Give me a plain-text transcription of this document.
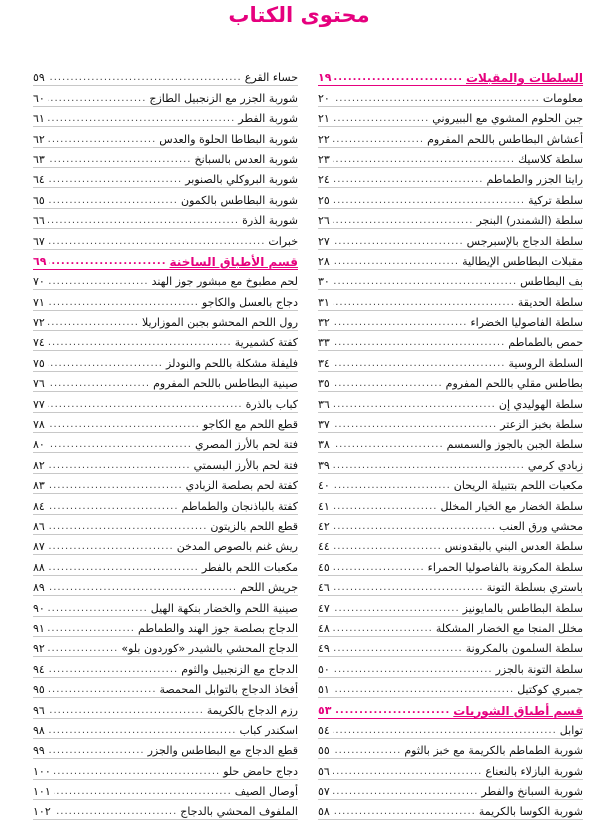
محتوى الكتاب
السلطات والمقبلات
.....
١٩
معلومات
.....
٢٠
جبن الحلوم المشوي مع الببيروني
.....
٢١
أعشاش البطاطس باللحم المفروم
.....
٢٢
سلطة كلاسيك
.....
٢٣
رايتا الجزر والطماطم
.....
٢٤
سلطة تركية
.....
٢٥
سلطة (الشمندر) البنجر
.....
٢٦
سلطة الدجاج بالإسبرجس
.....
٢٧
مقبلات البطاطس الإيطالية
.....
٢٨
بف البطاطس
.....
٣٠
سلطة الحديقة
.....
٣١
سلطة الفاصوليا الخضراء
.....
٣٢
حمص بالطماطم
.....
٣٣
السلطة الروسية
.....
٣٤
بطاطس مقلي باللحم المفروم
.....
٣٥
سلطة الهوليدي إن
.....
٣٦
سلطة بخبز الزعتر
.....
٣٧
سلطة الجبن بالجوز والسمسم
.....
٣٨
زبادي كرمي
.....
٣٩
مكعبات اللحم بتتبيلة الريحان
.....
٤٠
سلطة الخضار مع الخيار المخلل
.....
٤١
محشي ورق العنب
.....
٤٢
سلطة العدس البني بالبقدونس
.....
٤٤
سلطة المكرونة بالفاصوليا الحمراء
.....
٤٥
باستري بسلطة التونة
.....
٤٦
سلطة البطاطس بالمايونيز
.....
٤٧
مخلل المنجا مع الخضار المشكلة
.....
٤٨
سلطة السلمون بالمكرونة
.....
٤٩
سلطة التونة بالجزر
.....
٥٠
جمبري كوكتيل
.....
٥١
قسم أطباق الشوربات
.....
٥٣
توابل
.....
٥٤
شوربة الطماطم بالكريمة مع خبز بالثوم
.....
٥٥
شوربة البازلاء بالنعناع
.....
٥٦
شوربة السبانخ والفطر
.....
٥٧
شوربة الكوسا بالكريمة
.....
٥٨
حساء القرع
.....
٥٩
شوربة الجزر مع الزنجبيل الطازج
.....
٦٠
شوربة الفطر
.....
٦١
شوربة البطاطا الحلوة والعدس
.....
٦٢
شوربة العدس بالسبانخ
.....
٦٣
شوربة البروكلي بالصنوبر
.....
٦٤
شوربة البطاطس بالكمون
.....
٦٥
شوربة الذرة
.....
٦٦
خبرات
.....
٦٧
قسم الأطباق الساخنة
.....
٦٩
لحم مطبوخ مع مبشور جوز الهند
.....
٧٠
دجاج بالعسل والكاجو
.....
٧١
رول اللحم المحشو بجبن الموزاريلا
.....
٧٢
كفتة كشميرية
.....
٧٤
فليفلة مشكلة باللحم والنودلز
.....
٧٥
صينية البطاطس باللحم المفروم
.....
٧٦
كباب بالذرة
.....
٧٧
قطع اللحم مع الكاجو
.....
٧٨
فتة لحم بالأرز المصري
.....
٨٠
فتة لحم بالأرز البسمتي
.....
٨٢
كفتة لحم بصلصة الزبادي
.....
٨٣
كفتة بالباذنجان والطماطم
.....
٨٤
قطع اللحم بالزيتون
.....
٨٦
ريش غنم بالصوص المدخن
.....
٨٧
مكعبات اللحم بالفطر
.....
٨٨
جريش اللحم
.....
٨٩
صينية اللحم والخضار بنكهة الهيل
.....
٩٠
الدجاج بصلصة جوز الهند والطماطم
.....
٩١
الدجاج المحشي بالشيدر «كوردون بلو»
.....
٩٢
الدجاج مع الزنجبيل والثوم
.....
٩٤
أفخاذ الدجاج بالتوابل المحمصة
.....
٩٥
رزم الدجاج بالكريمة
.....
٩٦
اسكندر كباب
.....
٩٨
قطع الدجاج مع البطاطس والجزر
.....
٩٩
دجاج حامض حلو
.....
١٠٠
أوصال الصيف
.....
١٠١
الملفوف المحشي بالدجاج
.....
١٠٢
